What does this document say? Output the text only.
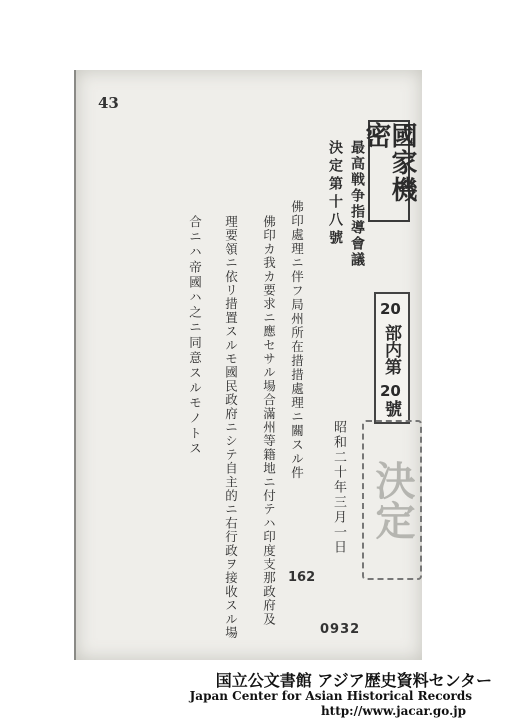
43
國家機密
最高戦争指導會議
決定第十八號
佛印處理ニ伴フ局州所在措措處理ニ關スル件
佛印カ我カ要求ニ應セサル場合滿州等籍地ニ付テハ印度支那政府及
理要領ニ依リ措置スルモ國民政府ニシテ自主的ニ右行政ヲ接收スル場
合ニハ帝國ハ之ニ同意スルモノトス	20
部内第
20
號
昭和二十年三月一日 決定
162
0932
国立公文書館 アジア歴史資料センター
Japan Center for Asian Historical Records
http://www.jacar.go.jp
